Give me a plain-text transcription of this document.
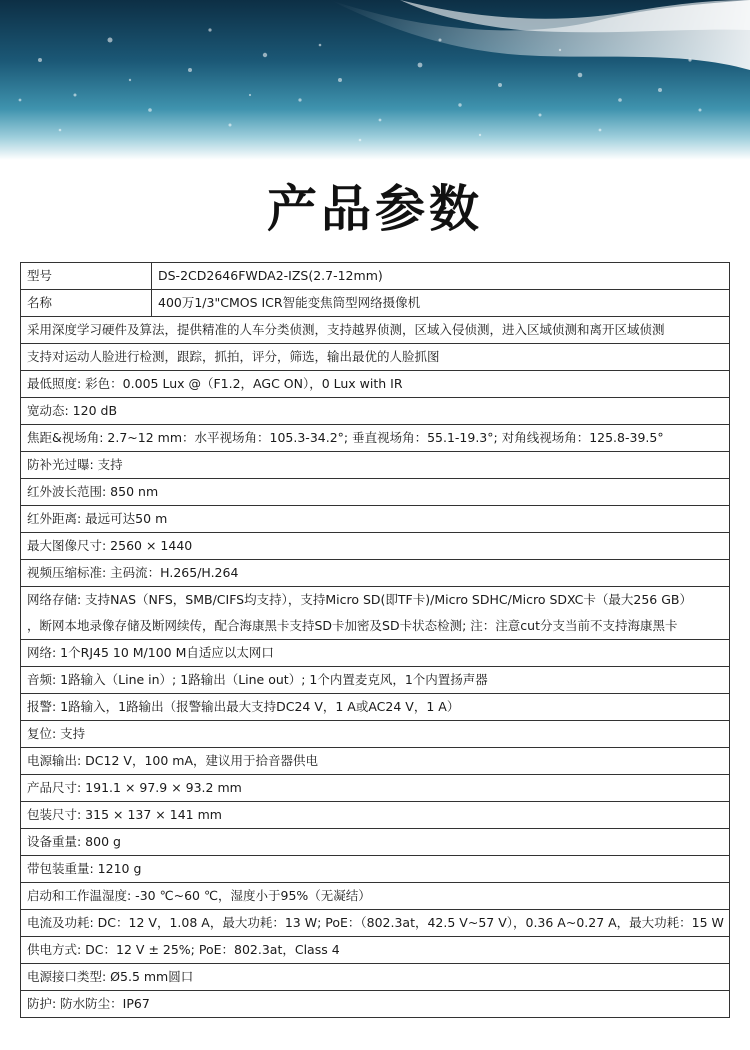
产品参数
型号	DS-2CD2646FWDA2-IZS(2.7-12mm)
名称	400万1/3"CMOS ICR智能变焦筒型网络摄像机
采用深度学习硬件及算法，提供精准的人车分类侦测，支持越界侦测，区域入侵侦测，进入区域侦测和离开区域侦测	
支持对运动人脸进行检测，跟踪，抓拍，评分，筛选，输出最优的人脸抓图	
最低照度: 彩色：0.005 Lux @（F1.2，AGC ON），0 Lux with IR	
宽动态: 120 dB	
焦距&视场角: 2.7~12 mm：水平视场角：105.3-34.2°; 垂直视场角：55.1-19.3°; 对角线视场角：125.8-39.5°	
防补光过曝: 支持	
红外波长范围: 850 nm	
红外距离: 最远可达50 m	
最大图像尺寸: 2560 × 1440	
视频压缩标准: 主码流：H.265/H.264	

网络存储: 支持NAS（NFS，SMB/CIFS均支持），支持Micro SD(即TF卡)/Micro SDHC/Micro SDXC卡（最大256 GB）
，断网本地录像存储及断网续传，配合海康黑卡支持SD卡加密及SD卡状态检测; 注：注意cut分支当前不支持海康黑卡	

网络: 1个RJ45 10 M/100 M自适应以太网口	
音频: 1路输入（Line in）; 1路输出（Line out）; 1个内置麦克风，1个内置扬声器	
报警: 1路输入，1路输出（报警输出最大支持DC24 V，1 A或AC24 V，1 A）	
复位: 支持	
电源输出: DC12 V，100 mA，建议用于拾音器供电	
产品尺寸: 191.1 × 97.9 × 93.2 mm	
包装尺寸: 315 × 137 × 141 mm	
设备重量: 800 g	
带包装重量: 1210 g	
启动和工作温湿度: -30 ℃~60 ℃，湿度小于95%（无凝结）	
电流及功耗: DC：12 V，1.08 A，最大功耗：13 W; PoE：（802.3at，42.5 V~57 V），0.36 A~0.27 A，最大功耗：15 W	
供电方式: DC：12 V ± 25%; PoE：802.3at，Class 4	
电源接口类型: Ø5.5 mm圆口	
防护: 防水防尘：IP67	
